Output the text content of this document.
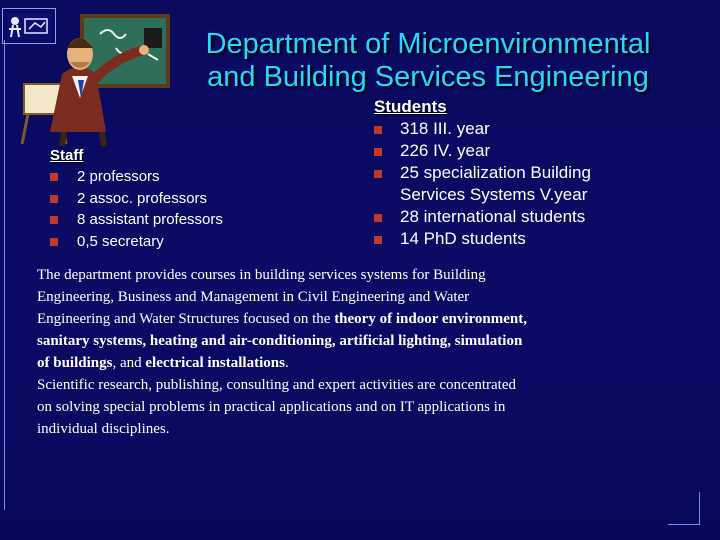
Department of Microenvironmental
and Building Services Engineering
Staff
2 professors
2 assoc. professors
8 assistant professors
0,5 secretary
Students
318 III. year
226 IV. year
25 specialization Building Services Systems V.year
28 international students
14 PhD students

The department provides courses in building services systems for Building Engineering, Business and Management in Civil Engineering and Water Engineering and Water Structures focused on the theory of indoor environment, sanitary systems, heating and air-conditioning, artificial lighting, simulation of buildings, and electrical installations.

Scientific research, publishing, consulting and expert activities are concentrated on solving special problems in practical applications and on IT applications in individual disciplines.
